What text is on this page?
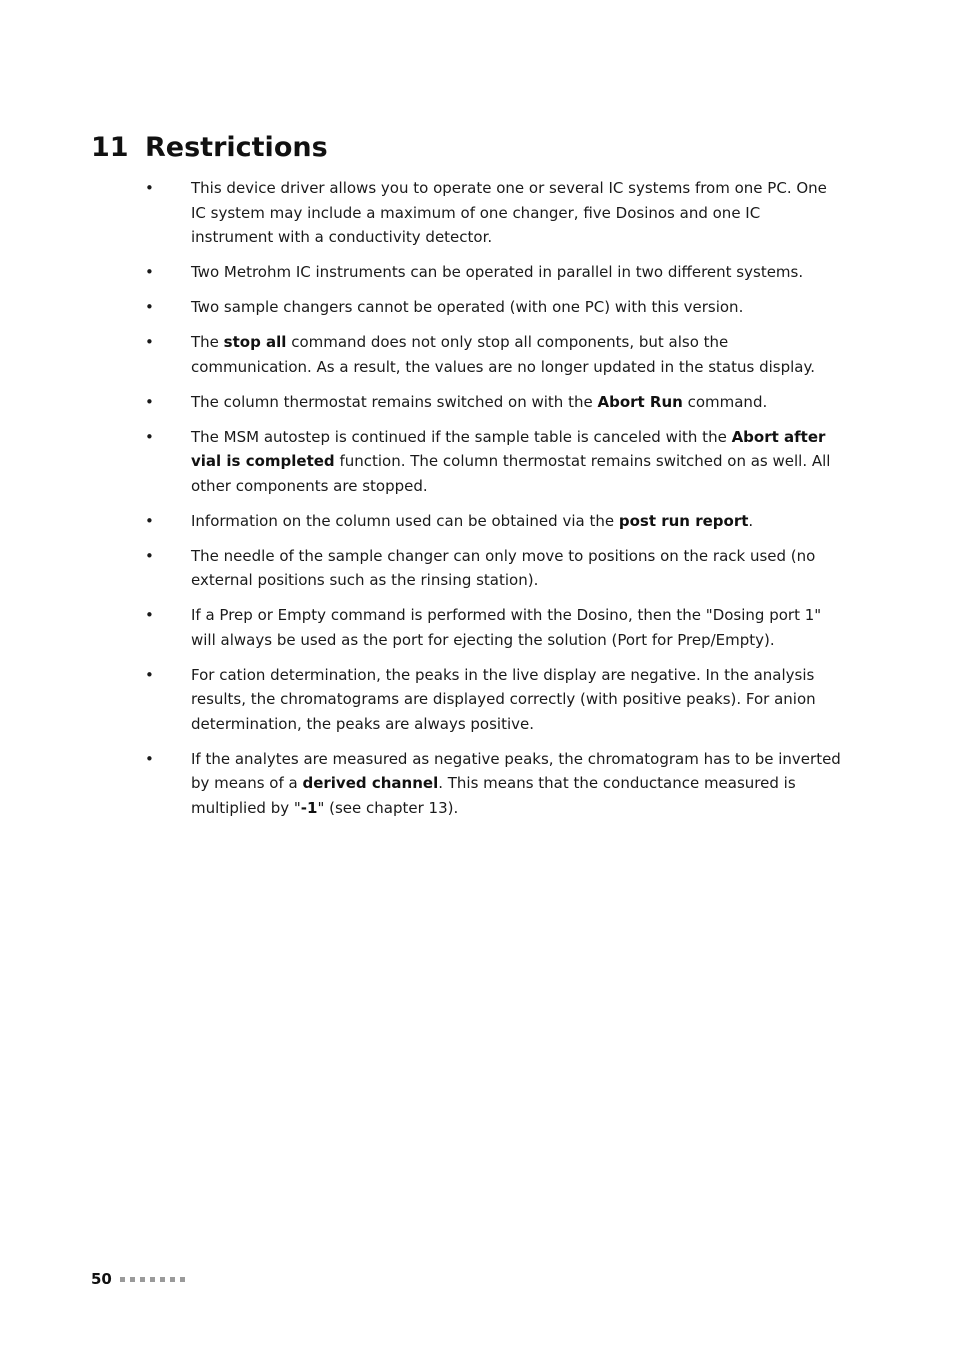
11 Restrictions
• This device driver allows you to operate one or several IC systems from one PC. One IC system may include a maximum of one changer, five Dosinos and one IC instrument with a conductivity detector.
• Two Metrohm IC instruments can be operated in parallel in two different systems.
• Two sample changers cannot be operated (with one PC) with this version.
• The stop all command does not only stop all components, but also the communication. As a result, the values are no longer updated in the status display.
• The column thermostat remains switched on with the Abort Run command.
• The MSM autostep is continued if the sample table is canceled with the Abort after vial is completed function. The column thermostat remains switched on as well. All other components are stopped.
• Information on the column used can be obtained via the post run report.
• The needle of the sample changer can only move to positions on the rack used (no external positions such as the rinsing station).
• If a Prep or Empty command is performed with the Dosino, then the "Dosing port 1" will always be used as the port for ejecting the solution (Port for Prep/Empty).
• For cation determination, the peaks in the live display are negative. In the analysis results, the chromatograms are displayed correctly (with positive peaks). For anion determination, the peaks are always positive.
• If the analytes are measured as negative peaks, the chromatogram has to be inverted by means of a derived channel. This means that the conductance measured is multiplied by "-1" (see chapter 13).
50
